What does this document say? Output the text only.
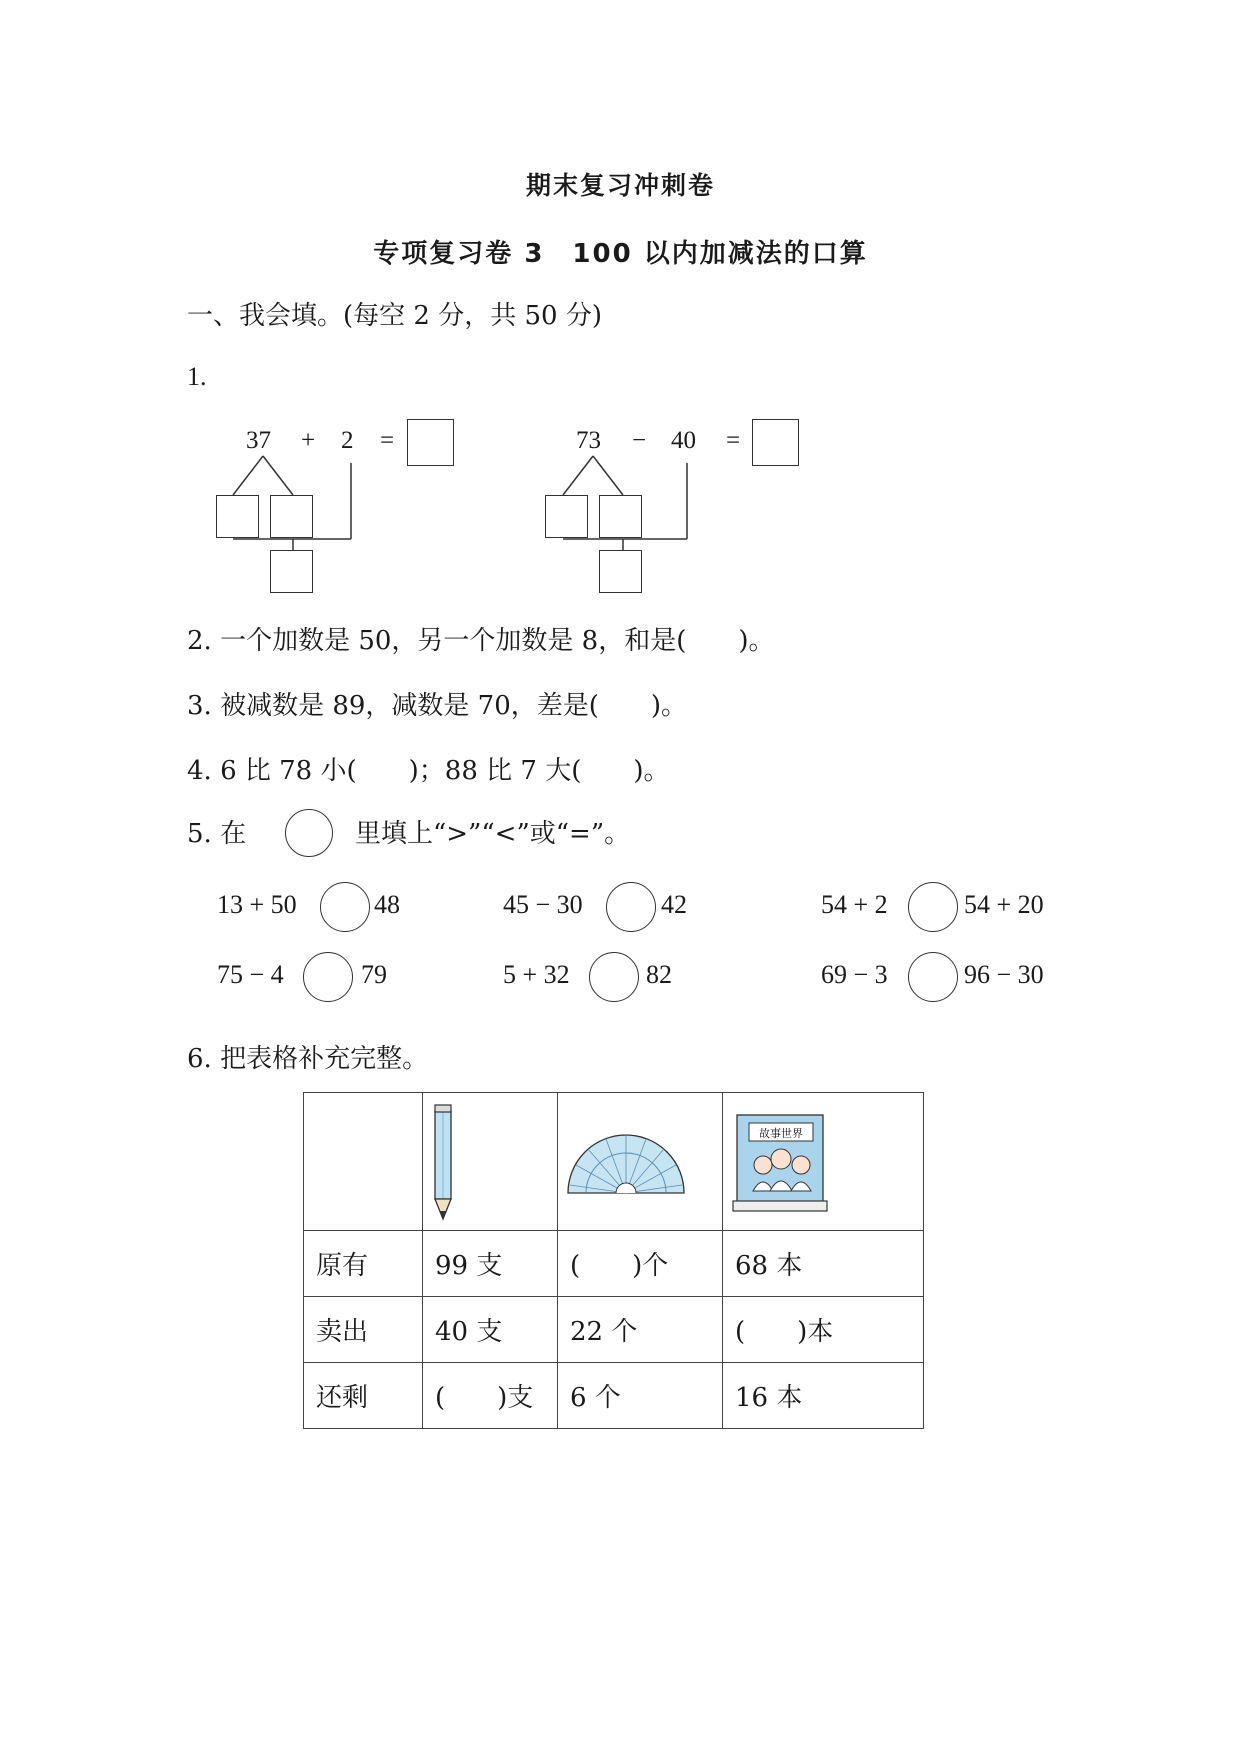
期末复习冲刺卷
专项复习卷 3　100 以内加减法的口算
一、我会填。(每空 2 分，共 50 分)
1.
37 + 2 =	73 − 40 =
2. 一个加数是 50，另一个加数是 8，和是(　　)。
3. 被减数是 89，减数是 70，差是(　　)。
4. 6 比 78 小(　　)；88 比 7 大(　　)。
5. 在	里填上“>”“<”或“=”。
13 + 50	48	45 − 30	42	54 + 2	54 + 20
75 − 4	79	5 + 32	82	69 − 3	96 − 30
6. 把表格补充完整。

故事世界

原有	99 支	(　　)个	68 本
卖出	40 支	22 个	(　　)本
还剩	(　　)支	6 个	16 本
